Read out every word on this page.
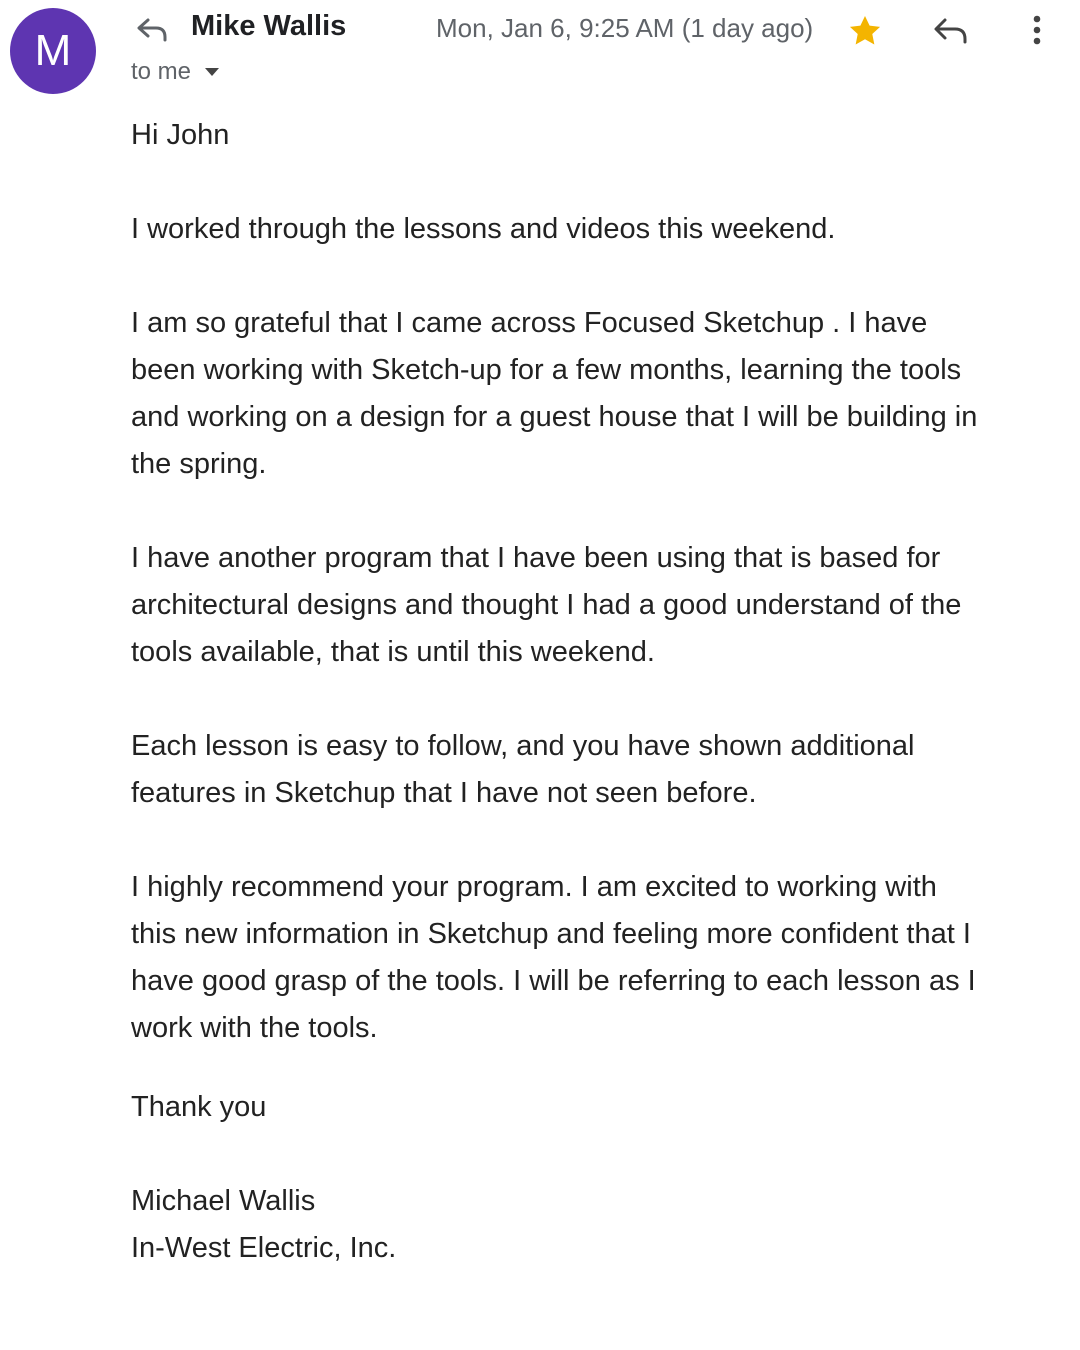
M	Mike Wallis	Mon, Jan 6, 9:25 AM (1 day ago)
to me
Hi John
I worked through the lessons and videos this weekend.
I am so grateful that I came across Focused Sketchup . I have
been working with Sketch-up for a few months, learning the tools
and working on a design for a guest house that I will be building in
the spring.
I have another program that I have been using that is based for
architectural designs and thought I had a good understand of the
tools available, that is until this weekend.
Each lesson is easy to follow, and you have shown additional
features in Sketchup that I have not seen before.
I highly recommend your program. I am excited to working with
this new information in Sketchup and feeling more confident that I
have good grasp of the tools. I will be referring to each lesson as I
work with the tools.
Thank you
Michael Wallis
In-West Electric, Inc.
